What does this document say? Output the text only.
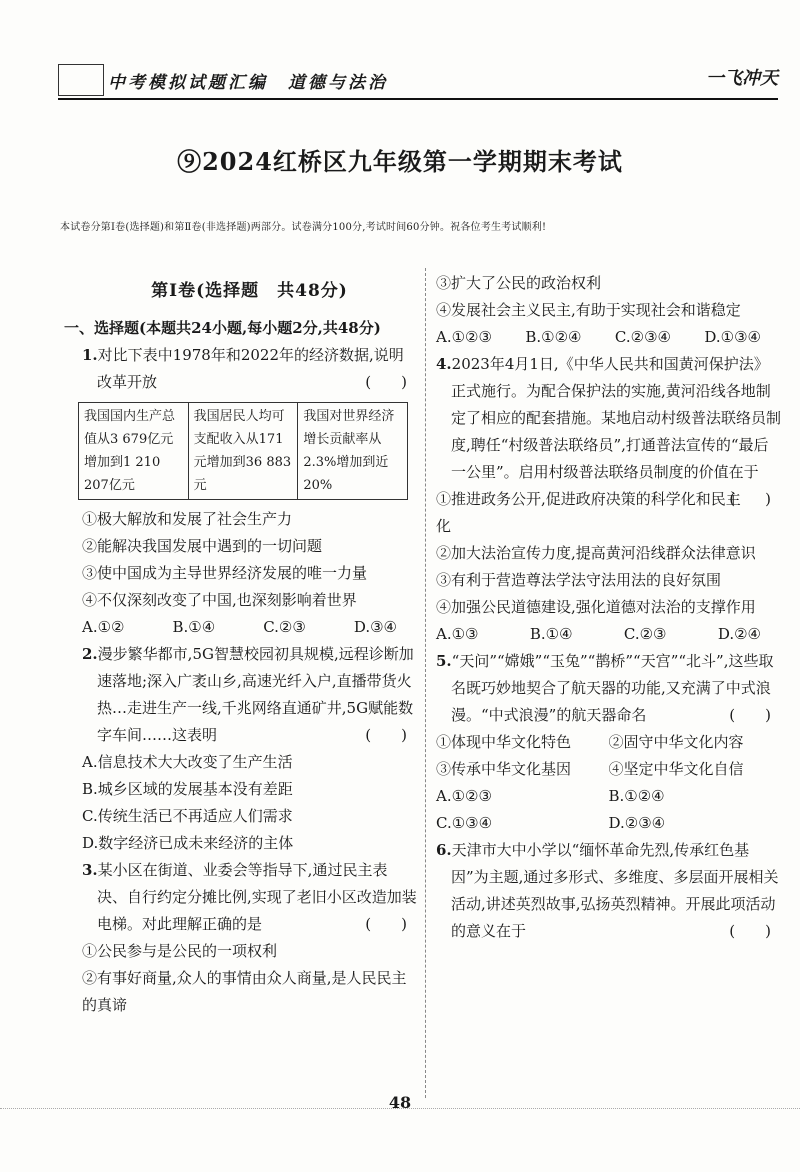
中考模拟试题汇编　道德与法治	一飞冲天
⑨2024红桥区九年级第一学期期末考试
本试卷分第Ⅰ卷(选择题)和第Ⅱ卷(非选择题)两部分。试卷满分100分,考试时间60分钟。祝各位考生考试顺利!
第Ⅰ卷(选择题　共48分)
一、选择题(本题共24小题,每小题2分,共48分)
1.对比下表中1978年和2022年的经济数据,说明改革开放	(　　)
我国国内生产总值从3 679亿元增加到1 210 207亿元	我国居民人均可支配收入从171元增加到36 883元	我国对世界经济增长贡献率从2.3%增加到近20%
①极大解放和发展了社会生产力
②能解决我国发展中遇到的一切问题
③使中国成为主导世界经济发展的唯一力量
④不仅深刻改变了中国,也深刻影响着世界
A.①②	B.①④	C.②③	D.③④
2.漫步繁华都市,5G智慧校园初具规模,远程诊断加速落地;深入广袤山乡,高速光纤入户,直播带货火热…走进生产一线,千兆网络直通矿井,5G赋能数字车间……这表明	(　　)
A.信息技术大大改变了生产生活
B.城乡区域的发展基本没有差距
C.传统生活已不再适应人们需求
D.数字经济已成未来经济的主体
3.某小区在街道、业委会等指导下,通过民主表决、自行约定分摊比例,实现了老旧小区改造加装电梯。对此理解正确的是	(　　)
①公民参与是公民的一项权利
②有事好商量,众人的事情由众人商量,是人民民主的真谛
③扩大了公民的政治权利
④发展社会主义民主,有助于实现社会和谐稳定
A.①②③ B.①②④ C.②③④ D.①③④
4.2023年4月1日,《中华人民共和国黄河保护法》正式施行。为配合保护法的实施,黄河沿线各地制定了相应的配套措施。某地启动村级普法联络员制度,聘任“村级普法联络员”,打通普法宣传的“最后一公里”。启用村级普法联络员制度的价值在于
(　　)
①推进政务公开,促进政府决策的科学化和民主化
②加大法治宣传力度,提高黄河沿线群众法律意识
③有利于营造尊法学法守法用法的良好氛围
④加强公民道德建设,强化道德对法治的支撑作用
A.①③	B.①④	C.②③	D.②④
5.“天问”“嫦娥”“玉兔”“鹊桥”“天宫”“北斗”,这些取名既巧妙地契合了航天器的功能,又充满了中式浪漫。“中式浪漫”的航天器命名	(　　)
①体现中华文化特色	②固守中华文化内容
③传承中华文化基因	④坚定中华文化自信
A.①②③	B.①②④
C.①③④	D.②③④
6.天津市大中小学以“缅怀革命先烈,传承红色基因”为主题,通过多形式、多维度、多层面开展相关活动,讲述英烈故事,弘扬英烈精神。开展此项活动的意义在于	(　　)
48
